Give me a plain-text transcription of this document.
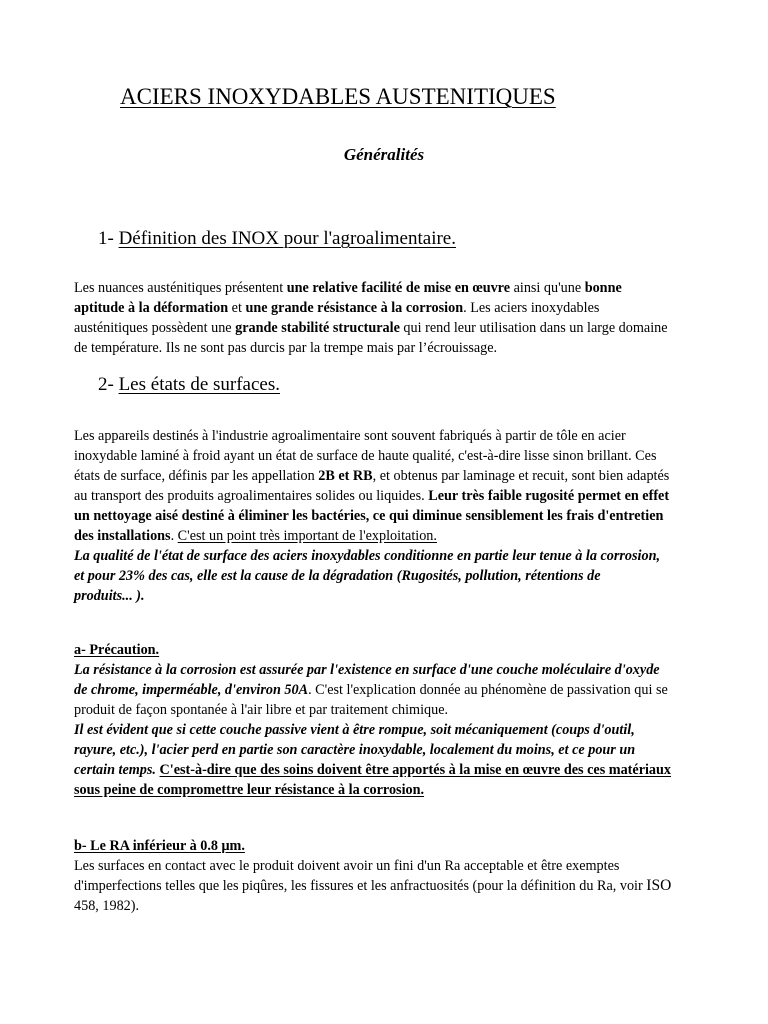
ACIERS INOXYDABLES AUSTENITIQUES
Généralités
1- Définition des INOX pour l'agroalimentaire.
Les nuances austénitiques présentent une relative facilité de mise en œuvre ainsi qu'une bonne
aptitude à la déformation et une grande résistance à la corrosion. Les aciers inoxydables
austénitiques possèdent une grande stabilité structurale qui rend leur utilisation dans un large domaine
de température. Ils ne sont pas durcis par la trempe mais par l’écrouissage.
2- Les états de surfaces.
Les appareils destinés à l'industrie agroalimentaire sont souvent fabriqués à partir de tôle en acier
inoxydable laminé à froid ayant un état de surface de haute qualité, c'est-à-dire lisse sinon brillant. Ces
états de surface, définis par les appellation 2B et RB, et obtenus par laminage et recuit, sont bien adaptés
au transport des produits agroalimentaires solides ou liquides. Leur très faible rugosité permet en effet
un nettoyage aisé destiné à éliminer les bactéries, ce qui diminue sensiblement les frais d'entretien
des installations. C'est un point très important de l'exploitation.
La qualité de l'état de surface des aciers inoxydables conditionne en partie leur tenue à la corrosion,
et pour 23% des cas, elle est la cause de la dégradation (Rugosités, pollution, rétentions de
produits... ).
a- Précaution.
La résistance à la corrosion est assurée par l'existence en surface d'une couche moléculaire d'oxyde
de chrome, imperméable, d'environ 50A. C'est l'explication donnée au phénomène de passivation qui se
produit de façon spontanée à l'air libre et par traitement chimique.
Il est évident que si cette couche passive vient à être rompue, soit mécaniquement (coups d'outil,
rayure, etc.), l'acier perd en partie son caractère inoxydable, localement du moins, et ce pour un
certain temps. C'est-à-dire que des soins doivent être apportés à la mise en œuvre des ces matériaux
sous peine de compromettre leur résistance à la corrosion.
b- Le RA inférieur à 0.8 μm.
Les surfaces en contact avec le produit doivent avoir un fini d'un Ra acceptable et être exemptes
d'imperfections telles que les piqûres, les fissures et les anfractuosités (pour la définition du Ra, voir ISO
458, 1982).
